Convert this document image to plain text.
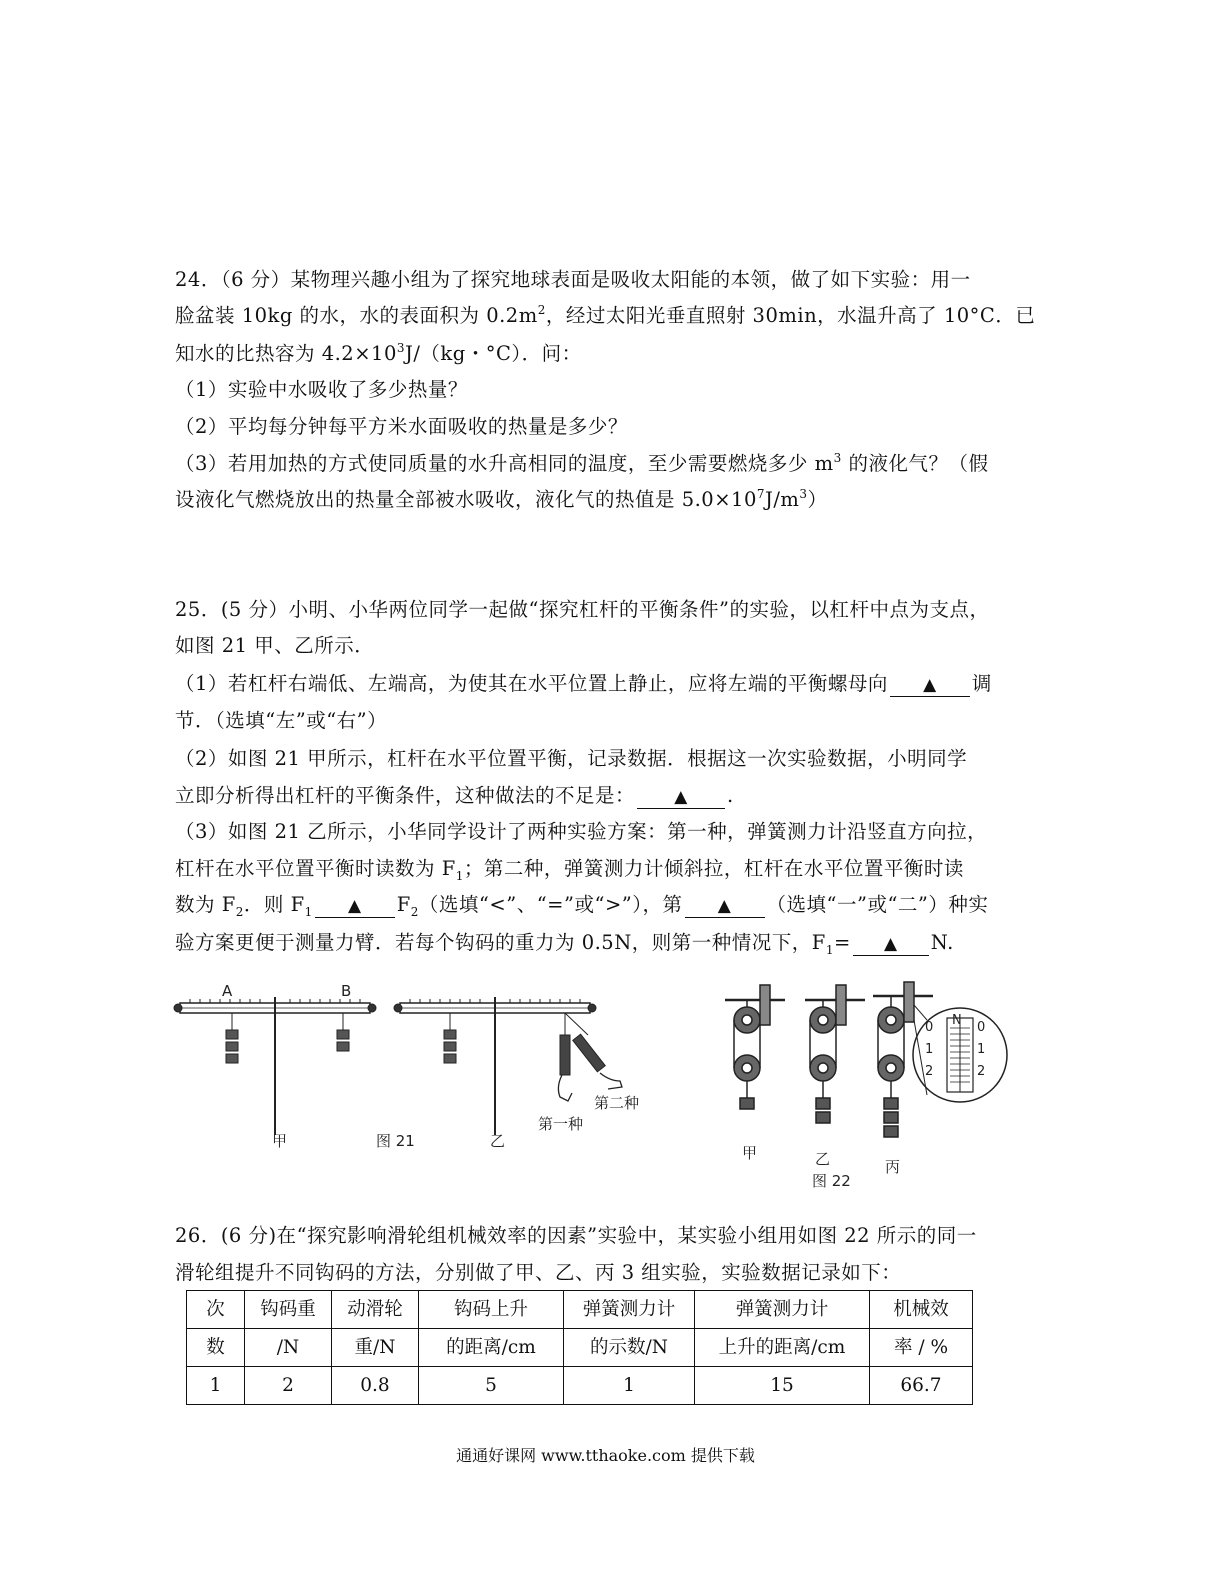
24．（6 分）某物理兴趣小组为了探究地球表面是吸收太阳能的本领，做了如下实验：用一
脸盆装 10kg 的水，水的表面积为 $0.2m^2$，经过太阳光垂直照射 30min，水温升高了 10°C．已
知水的比热容为 $4.2\times 10^3J/(kg$・°C）．问：
（1）实验中水吸收了多少热量？
（2）平均每分钟每平方米水面吸收的热量是多少？
（3）若用加热的方式使同质量的水升高相同的温度，至少需要燃烧多少 $m^3$ 的液化气？（假
设液化气燃烧放出的热量全部被水吸收，液化气的热值是 $5.0\times 10^7J/m^3$）
25．(5 分）小明、小华两位同学一起做“探究杠杆的平衡条件”的实验，以杠杆中点为支点，
如图 21 甲、乙所示．
（1）若杠杆右端低、左端高，为使其在水平位置上静止，应将左端的平衡螺母向 ▲ 调
节．（选填“左”或“右”）
（2）如图 21 甲所示，杠杆在水平位置平衡，记录数据．根据这一次实验数据，小明同学
立即分析得出杠杆的平衡条件，这种做法的不足是： ▲ .
（3）如图 21 乙所示，小华同学设计了两种实验方案：第一种，弹簧测力计沿竖直方向拉，
杠杆在水平位置平衡时读数为 $F_1$；第二种，弹簧测力计倾斜拉，杠杆在水平位置平衡时读
数为 $F_2$．则 $F_1$ ▲ $F_2$（选填“<”、“=”或“>”），第 ▲ （选填“一”或“二”）种实
验方案更便于测量力臂．若每个钩码的重力为 0.5N，则第一种情况下，$F_1=$ ▲ N.
A	B
甲	图 21	乙
第一种
第二种
N
0	0
1	1
2	2
甲	乙	丙
图 22
26．(6 分)在“探究影响滑轮组机械效率的因素”实验中，某实验小组用如图 22 所示的同一
滑轮组提升不同钩码的方法，分别做了甲、乙、丙 3 组实验，实验数据记录如下：
次	钩码重	动滑轮	钩码上升	弹簧测力计	弹簧测力计	机械效
数	/N	重/N	的距离/cm	的示数/N	上升的距离/cm	率 / %
1	2	0.8	5	1	15	66.7
通通好课网 www.tthaoke.com 提供下载
